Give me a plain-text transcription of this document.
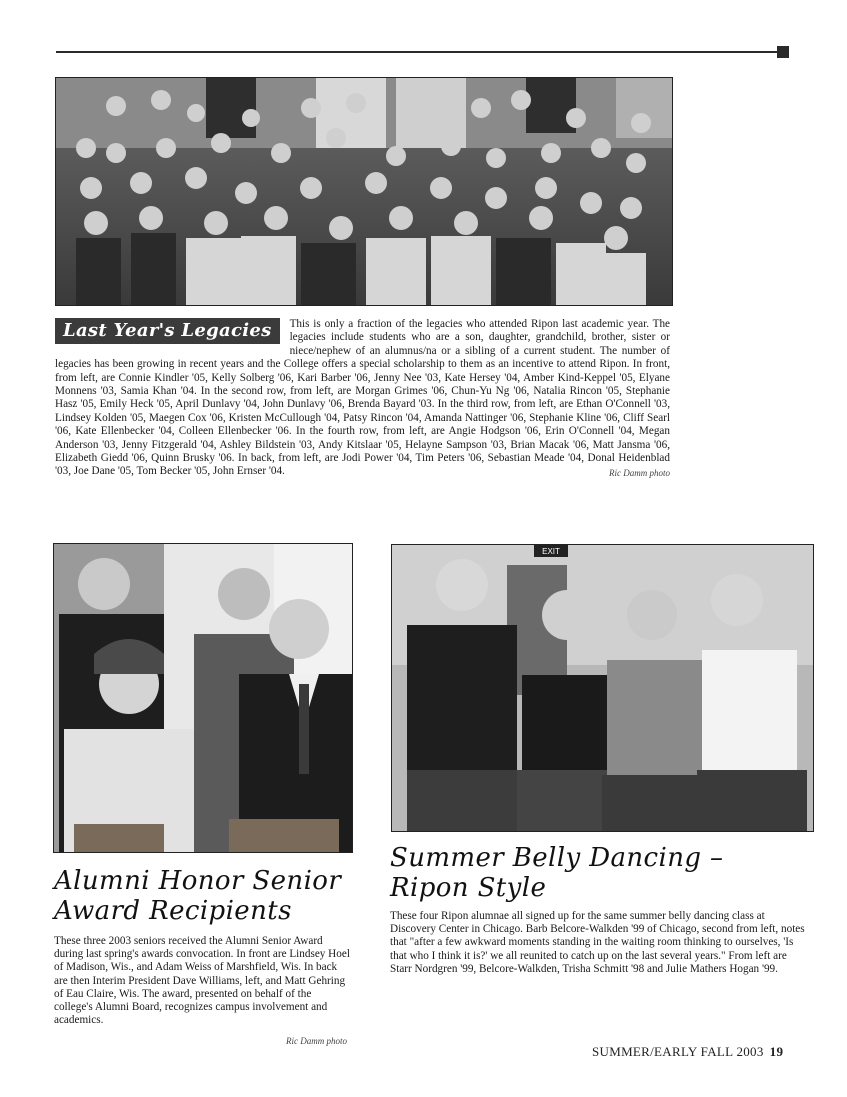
Last Year's Legacies	This is only a fraction of the legacies who attended Ripon last academic year. The legacies include students who are a son, daughter, grandchild, brother, sister or niece/nephew of an alumnus/na or a sibling of a current student. The number of legacies has been growing in recent years and the College offers a special scholarship to them as an incentive to attend Ripon. In front, from left, are Connie Kindler '05, Kelly Solberg '06, Kari Barber '06, Jenny Nee '03, Kate Hersey '04, Amber Kind-Keppel '05, Elyane Monnens '03, Samia Khan '04. In the second row, from left, are Morgan Grimes '06, Chun-Yu Ng '06, Natalia Rincon '05, Stephanie Hasz '05, Emily Heck '05, April Dunlavy '04, John Dunlavy '06, Brenda Bayard '03. In the third row, from left, are Ethan O'Connell '03, Lindsey Kolden '05, Maegen Cox '06, Kristen McCullough '04, Patsy Rincon '04, Amanda Nattinger '06, Stephanie Kline '06, Cliff Searl '06, Kate Ellenbecker '04, Colleen Ellenbecker '06. In the fourth row, from left, are Angie Hodgson '06, Erin O'Connell '04, Megan Anderson '03, Jenny Fitzgerald '04, Ashley Bildstein '03, Andy Kitslaar '05, Helayne Sampson '03, Brian Macak '06, Matt Jansma '06, Elizabeth Giedd '06, Quinn Brusky '06. In back, from left, are Jodi Power '04, Tim Peters '06, Sebastian Meade '04, Donal Heidenblad '03, Joe Dane '05, Tom Becker '05, John Ernser '04.	Ric Damm photo
EXIT
Alumni Honor Senior Award Recipients
These three 2003 seniors received the Alumni Senior Award during last spring's awards convocation. In front are Lindsey Hoel of Madison, Wis., and Adam Weiss of Marshfield, Wis. In back are then Interim President Dave Williams, left, and Matt Gehring of Eau Claire, Wis. The award, presented on behalf of the college's Alumni Board, recognizes campus involvement and academics.
Ric Damm photo
Summer Belly Dancing – Ripon Style
These four Ripon alumnae all signed up for the same summer belly dancing class at Discovery Center in Chicago. Barb Belcore-Walkden '99 of Chicago, second from left, notes that "after a few awkward moments standing in the waiting room thinking to ourselves, 'Is that who I think it is?' we all reunited to catch up on the last several years." From left are Starr Nordgren '99, Belcore-Walkden, Trisha Schmitt '98 and Julie Mathers Hogan '99.
SUMMER/EARLY FALL 2003 19
